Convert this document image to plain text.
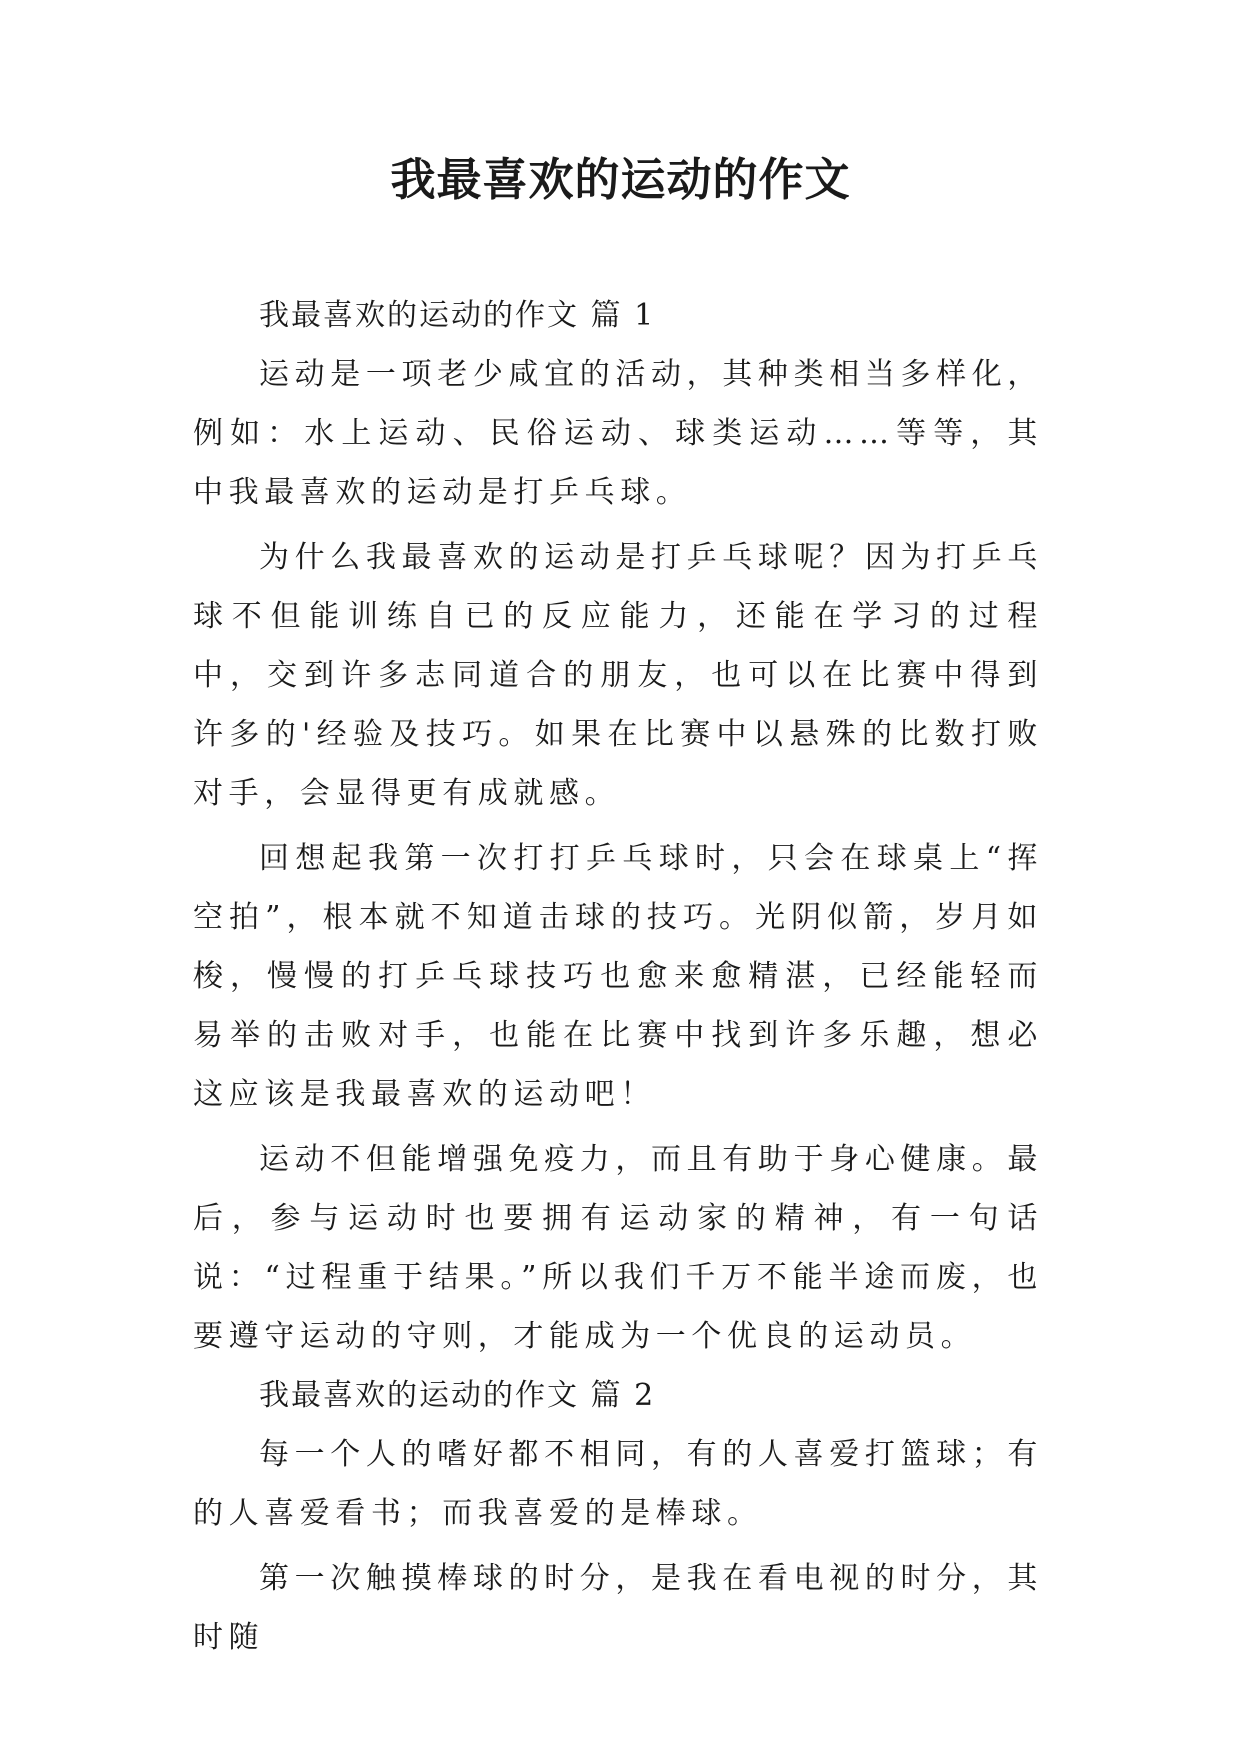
我最喜欢的运动的作文

我最喜欢的运动的作文 篇 1

运动是一项老少咸宜的活动，其种类相当多样化，例如：水上运动、民俗运动、球类运动……等等，其中我最喜欢的运动是打乒乓球。

为什么我最喜欢的运动是打乒乓球呢？因为打乒乓球不但能训练自已的反应能力，还能在学习的过程中，交到许多志同道合的朋友，也可以在比赛中得到许多的'经验及技巧。如果在比赛中以悬殊的比数打败对手，会显得更有成就感。

回想起我第一次打打乒乓球时，只会在球桌上“挥空拍”，根本就不知道击球的技巧。光阴似箭，岁月如梭，慢慢的打乒乓球技巧也愈来愈精湛，已经能轻而易举的击败对手，也能在比赛中找到许多乐趣，想必这应该是我最喜欢的运动吧！

运动不但能增强免疫力，而且有助于身心健康。最后，参与运动时也要拥有运动家的精神，有一句话说：“过程重于结果。”所以我们千万不能半途而废，也要遵守运动的守则，才能成为一个优良的运动员。

我最喜欢的运动的作文 篇 2

每一个人的嗜好都不相同，有的人喜爱打篮球；有的人喜爱看书；而我喜爱的是棒球。

第一次触摸棒球的时分，是我在看电视的时分，其时随
